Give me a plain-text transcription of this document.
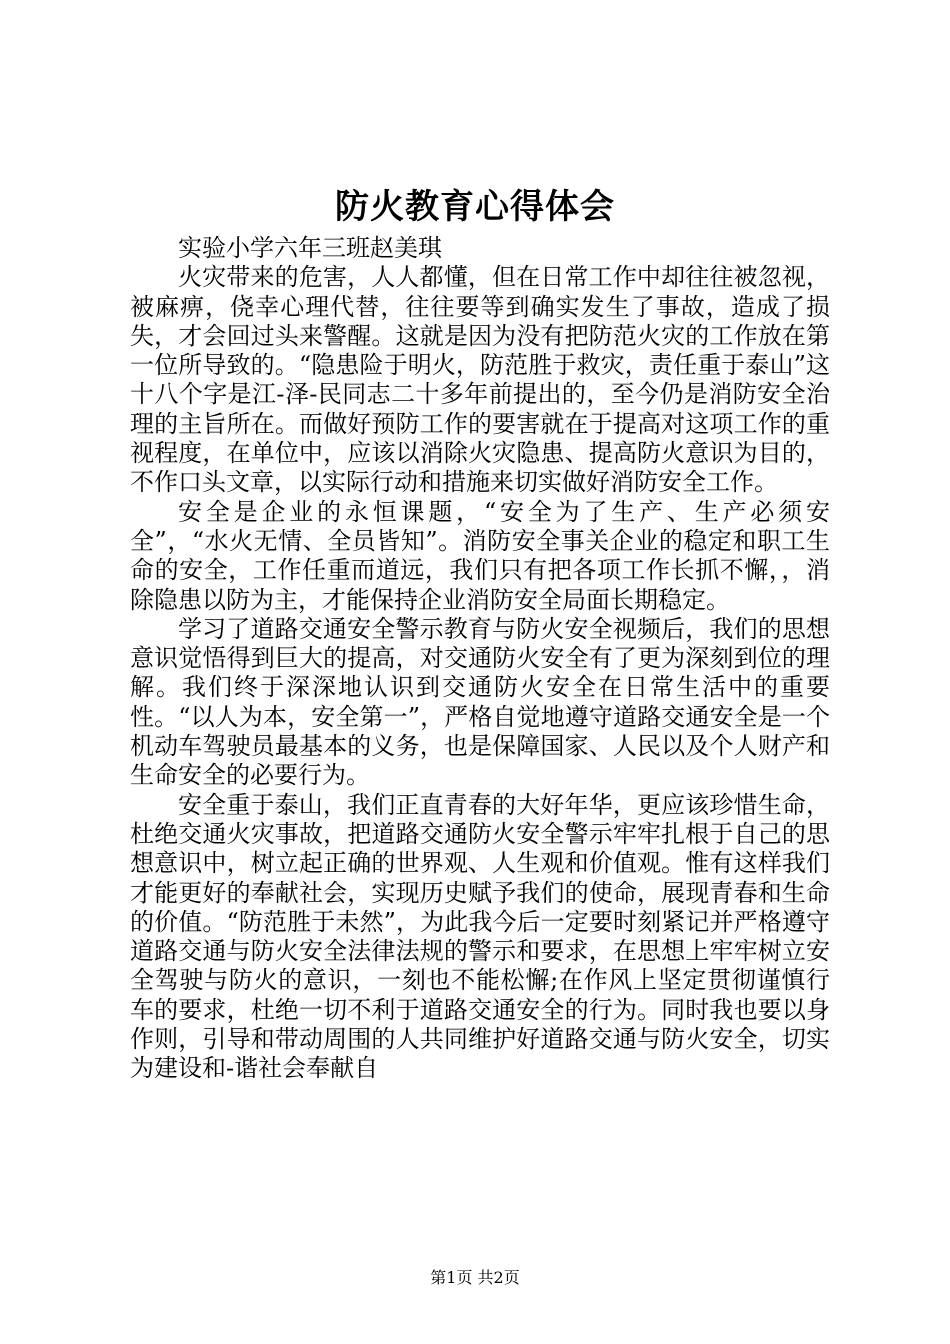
防火教育心得体会

实验小学六年三班赵美琪

火灾带来的危害，人人都懂，但在日常工作中却往往被忽视，被麻痹，侥幸心理代替，往往要等到确实发生了事故，造成了损失，才会回过头来警醒。这就是因为没有把防范火灾的工作放在第一位所导致的。“隐患险于明火，防范胜于救灾，责任重于泰山”这十八个字是江-泽-民同志二十多年前提出的，至今仍是消防安全治理的主旨所在。而做好预防工作的要害就在于提高对这项工作的重视程度，在单位中，应该以消除火灾隐患、提高防火意识为目的，不作口头文章，以实际行动和措施来切实做好消防安全工作。

安全是企业的永恒课题，“安全为了生产、生产必须安全”，“水火无情、全员皆知”。消防安全事关企业的稳定和职工生命的安全，工作任重而道远，我们只有把各项工作长抓不懈，，消除隐患以防为主，才能保持企业消防安全局面长期稳定。

学习了道路交通安全警示教育与防火安全视频后，我们的思想意识觉悟得到巨大的提高，对交通防火安全有了更为深刻到位的理解。我们终于深深地认识到交通防火安全在日常生活中的重要性。“以人为本，安全第一”，严格自觉地遵守道路交通安全是一个机动车驾驶员最基本的义务，也是保障国家、人民以及个人财产和生命安全的必要行为。

安全重于泰山，我们正直青春的大好年华，更应该珍惜生命，杜绝交通火灾事故，把道路交通防火安全警示牢牢扎根于自己的思想意识中，树立起正确的世界观、人生观和价值观。惟有这样我们才能更好的奉献社会，实现历史赋予我们的使命，展现青春和生命的价值。“防范胜于未然”，为此我今后一定要时刻紧记并严格遵守道路交通与防火安全法律法规的警示和要求，在思想上牢牢树立安全驾驶与防火的意识，一刻也不能松懈;在作风上坚定贯彻谨慎行车的要求，杜绝一切不利于道路交通安全的行为。同时我也要以身作则，引导和带动周围的人共同维护好道路交通与防火安全，切实为建设和-谐社会奉献自

第1页 共2页
